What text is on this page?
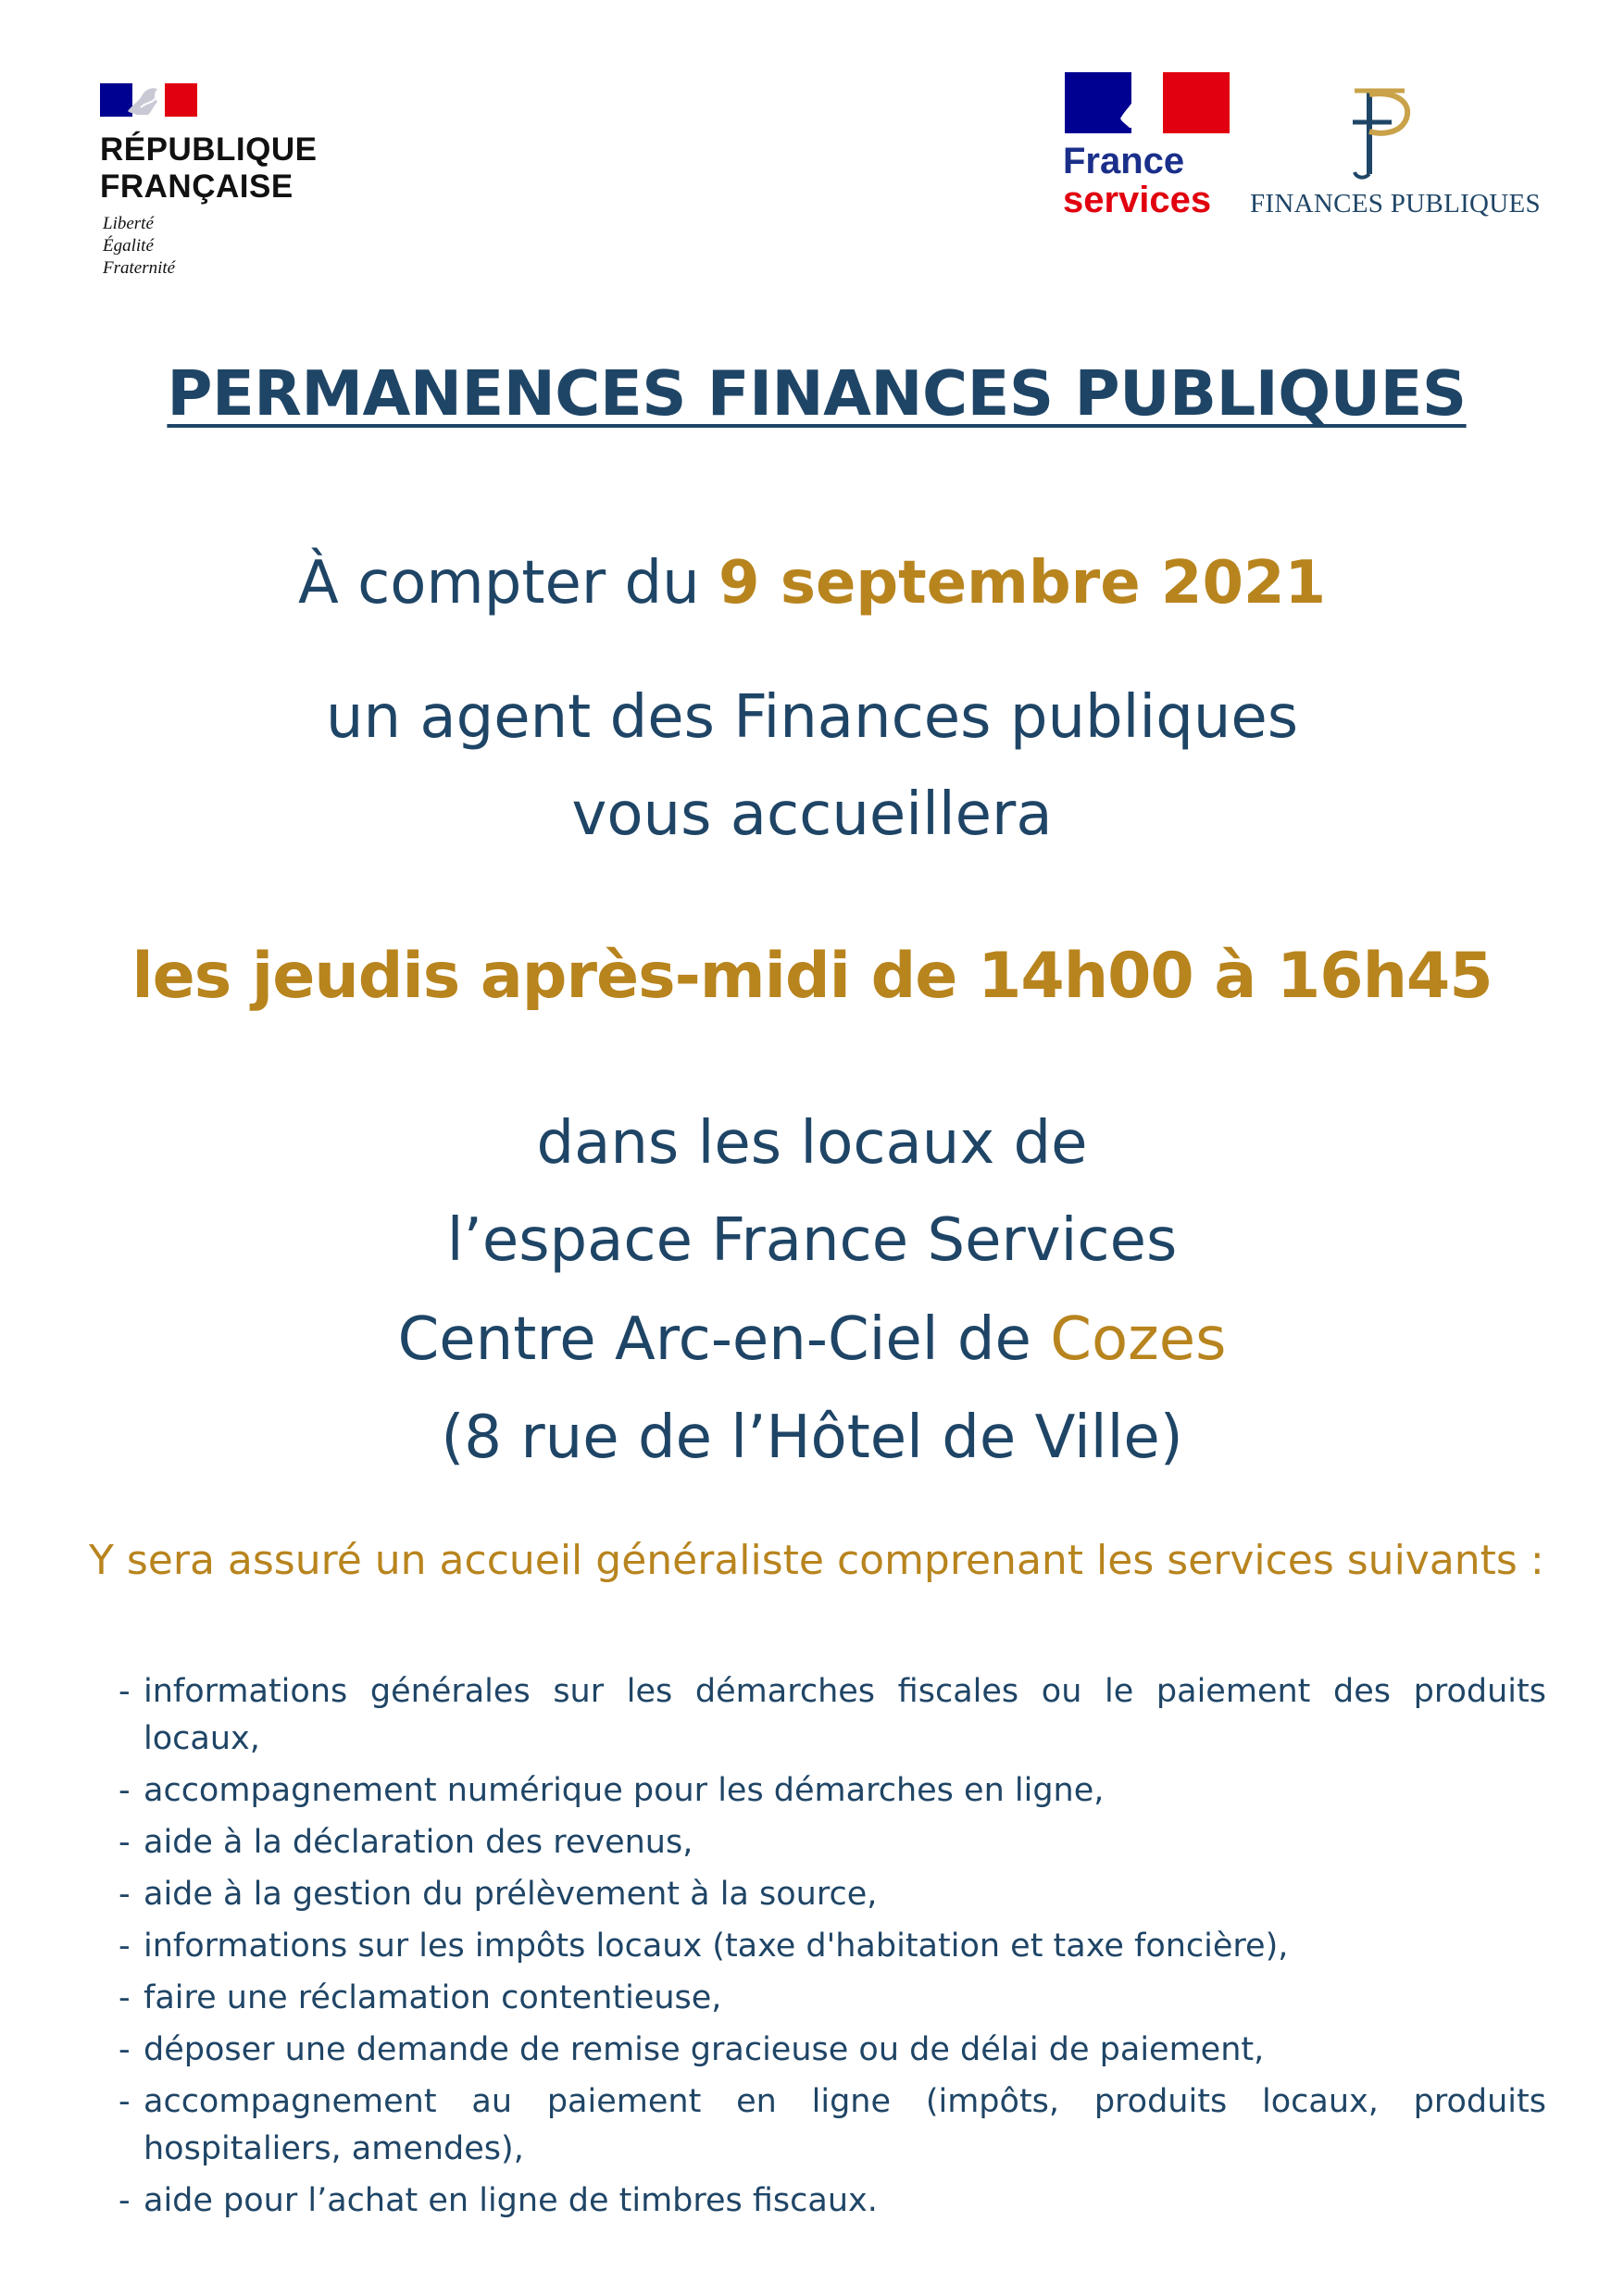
RÉPUBLIQUE
FRANÇAISE
Liberté
Égalité
Fraternité
France
services FINANCES PUBLIQUES
PERMANENCES FINANCES PUBLIQUES
À compter du 9 septembre 2021
un agent des Finances publiques
vous accueillera
les jeudis après-midi de 14h00 à 16h45
dans les locaux de
l’espace France Services
Centre Arc-en-Ciel de Cozes
(8 rue de l’Hôtel de Ville)

Y sera assuré un accueil généraliste comprenant les services suivants :

- informations générales sur les démarches fiscales ou le paiement des produits locaux,
- accompagnement numérique pour les démarches en ligne,
- aide à la déclaration des revenus,
- aide à la gestion du prélèvement à la source,
- informations sur les impôts locaux (taxe d'habitation et taxe foncière),
- faire une réclamation contentieuse,
- déposer une demande de remise gracieuse ou de délai de paiement,
- accompagnement au paiement en ligne (impôts, produits locaux, produits hospitaliers, amendes),
- aide pour l’achat en ligne de timbres fiscaux.
